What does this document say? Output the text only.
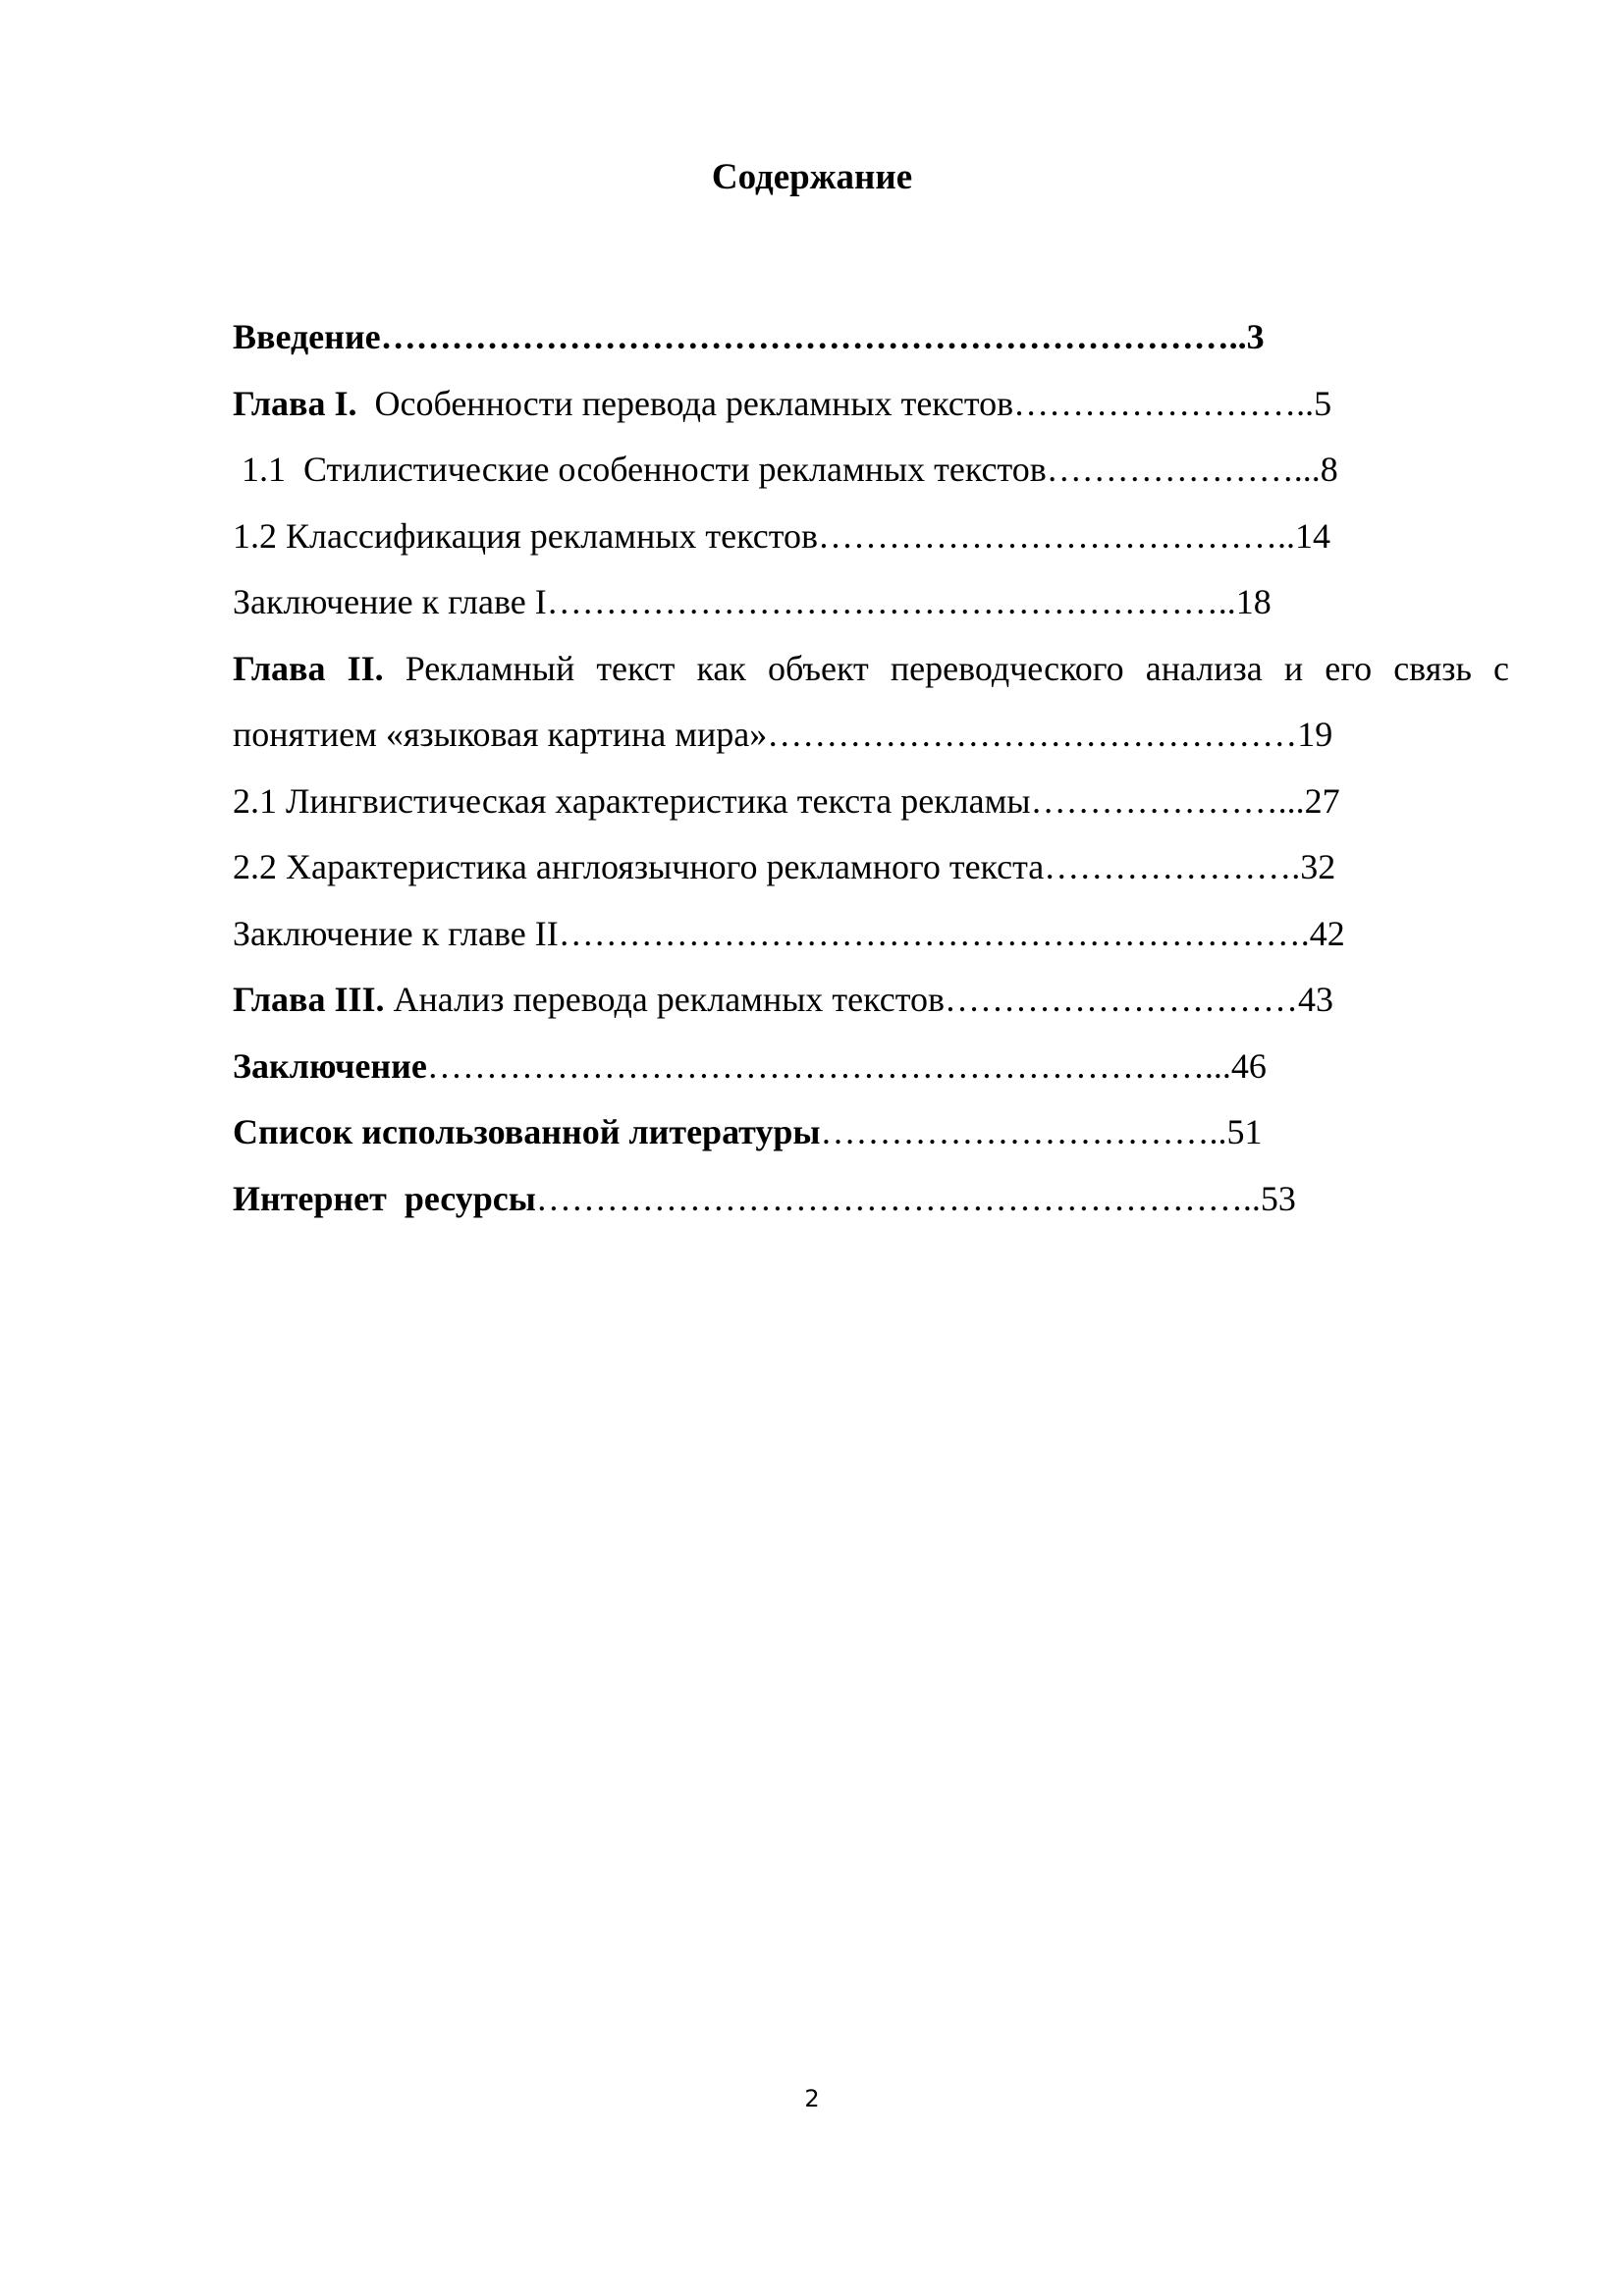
Содержание
Введение………………………………………………………………..3
Глава I.  Особенности перевода рекламных текстов……………………..5
1.1  Стилистические особенности рекламных текстов…………………...8
1.2 Классификация рекламных текстов…………………………………..14
Заключение к главе I…………………………………………………..18
Глава II. Рекламный текст как объект переводческого анализа и его связь с
понятием «языковая картина мира»………………………………………19
2.1 Лингвистическая характеристика текста рекламы…………………...27
2.2 Характеристика англоязычного рекламного текста………………….32
Заключение к главе II……………………………………………………….42
Глава III. Анализ перевода рекламных текстов…………………………43
Заключение…………………………………………………………...46
Список использованной литературы……………………………..51
Интернет  ресурсы……………………………………………………..53
2
